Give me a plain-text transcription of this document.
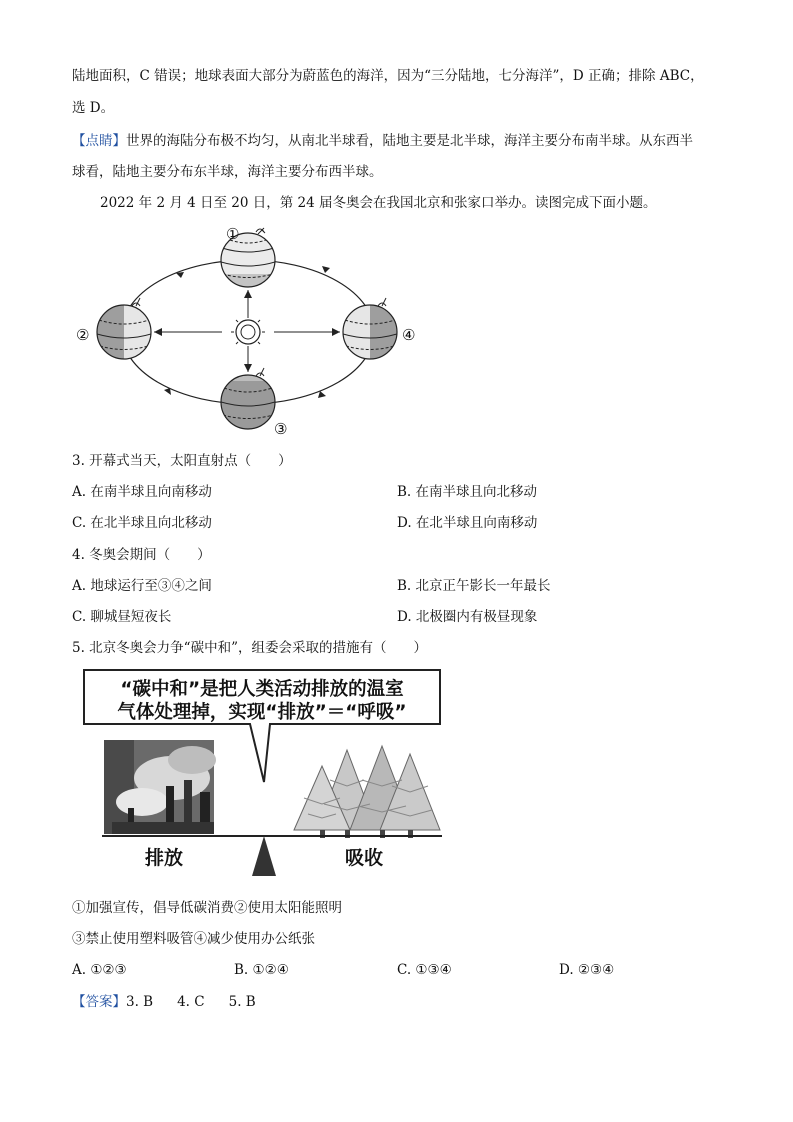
陆地面积，C 错误；地球表面大部分为蔚蓝色的海洋，因为“三分陆地，七分海洋”，D 正确；排除 ABC，
选 D。
【点睛】世界的海陆分布极不均匀，从南北半球看，陆地主要是北半球，海洋主要分布南半球。从东西半
球看，陆地主要分布东半球，海洋主要分布西半球。
2022 年 2 月 4 日至 20 日，第 24 届冬奥会在我国北京和张家口举办。读图完成下面小题。
①
②
③
④
3. 开幕式当天，太阳直射点（　　）
A. 在南半球且向南移动	B. 在南半球且向北移动
C. 在北半球且向北移动	D. 在北半球且向南移动
4. 冬奥会期间（　　）
A. 地球运行至③④之间	B. 北京正午影长一年最长
C. 聊城昼短夜长	D. 北极圈内有极昼现象
5. 北京冬奥会力争“碳中和”，组委会采取的措施有（　　）
“碳中和”是把人类活动排放的温室
气体处理掉，实现“排放”＝“呼吸”
排放	吸收
①加强宣传，倡导低碳消费②使用太阳能照明
③禁止使用塑料吸管④减少使用办公纸张
A. ①②③	B. ①②④	C. ①③④	D. ②③④
【答案】3. B 4. C 5. B
